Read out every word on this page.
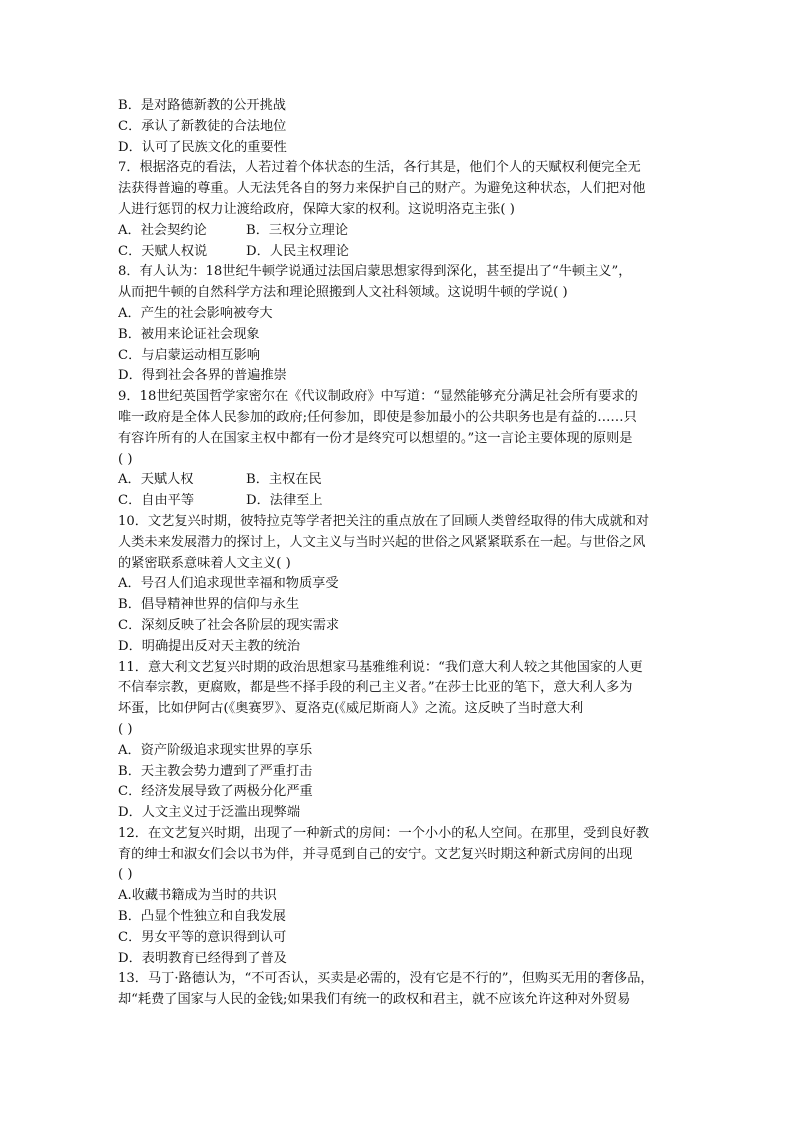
B．是对路德新教的公开挑战
C．承认了新教徒的合法地位
D．认可了民族文化的重要性
7．根据洛克的看法，人若过着个体状态的生活，各行其是，他们个人的天赋权利便完全无
法获得普遍的尊重。人无法凭各自的努力来保护自己的财产。为避免这种状态，人们把对他
人进行惩罚的权力让渡给政府，保障大家的权利。这说明洛克主张( )
A．社会契约论	B．三权分立理论
C．天赋人权说	D．人民主权理论
8．有人认为：18世纪牛顿学说通过法国启蒙思想家得到深化，甚至提出了“牛顿主义”，
从而把牛顿的自然科学方法和理论照搬到人文社科领域。这说明牛顿的学说( )
A．产生的社会影响被夸大
B．被用来论证社会现象
C．与启蒙运动相互影响
D．得到社会各界的普遍推崇
9．18世纪英国哲学家密尔在《代议制政府》中写道：“显然能够充分满足社会所有要求的
唯一政府是全体人民参加的政府;任何参加，即使是参加最小的公共职务也是有益的……只
有容许所有的人在国家主权中都有一份才是终究可以想望的。”这一言论主要体现的原则是
( )
A．天赋人权	B．主权在民
C．自由平等	D．法律至上
10．文艺复兴时期，彼特拉克等学者把关注的重点放在了回顾人类曾经取得的伟大成就和对
人类未来发展潜力的探讨上，人文主义与当时兴起的世俗之风紧紧联系在一起。与世俗之风
的紧密联系意味着人文主义( )
A．号召人们追求现世幸福和物质享受
B．倡导精神世界的信仰与永生
C．深刻反映了社会各阶层的现实需求
D．明确提出反对天主教的统治
11．意大利文艺复兴时期的政治思想家马基雅维利说：“我们意大利人较之其他国家的人更
不信奉宗教，更腐败，都是些不择手段的利己主义者。”在莎士比亚的笔下，意大利人多为
坏蛋，比如伊阿古(《奥赛罗》、夏洛克(《威尼斯商人》之流。这反映了当时意大利
( )
A．资产阶级追求现实世界的享乐
B．天主教会势力遭到了严重打击
C．经济发展导致了两极分化严重
D．人文主义过于泛滥出现弊端
12．在文艺复兴时期，出现了一种新式的房间：一个小小的私人空间。在那里，受到良好教
育的绅士和淑女们会以书为伴，并寻觅到自己的安宁。文艺复兴时期这种新式房间的出现
( )
A.收藏书籍成为当时的共识
B．凸显个性独立和自我发展
C．男女平等的意识得到认可
D．表明教育已经得到了普及
13．马丁·路德认为，“不可否认，买卖是必需的，没有它是不行的”，但购买无用的奢侈品，
却“耗费了国家与人民的金钱;如果我们有统一的政权和君主，就不应该允许这种对外贸易
